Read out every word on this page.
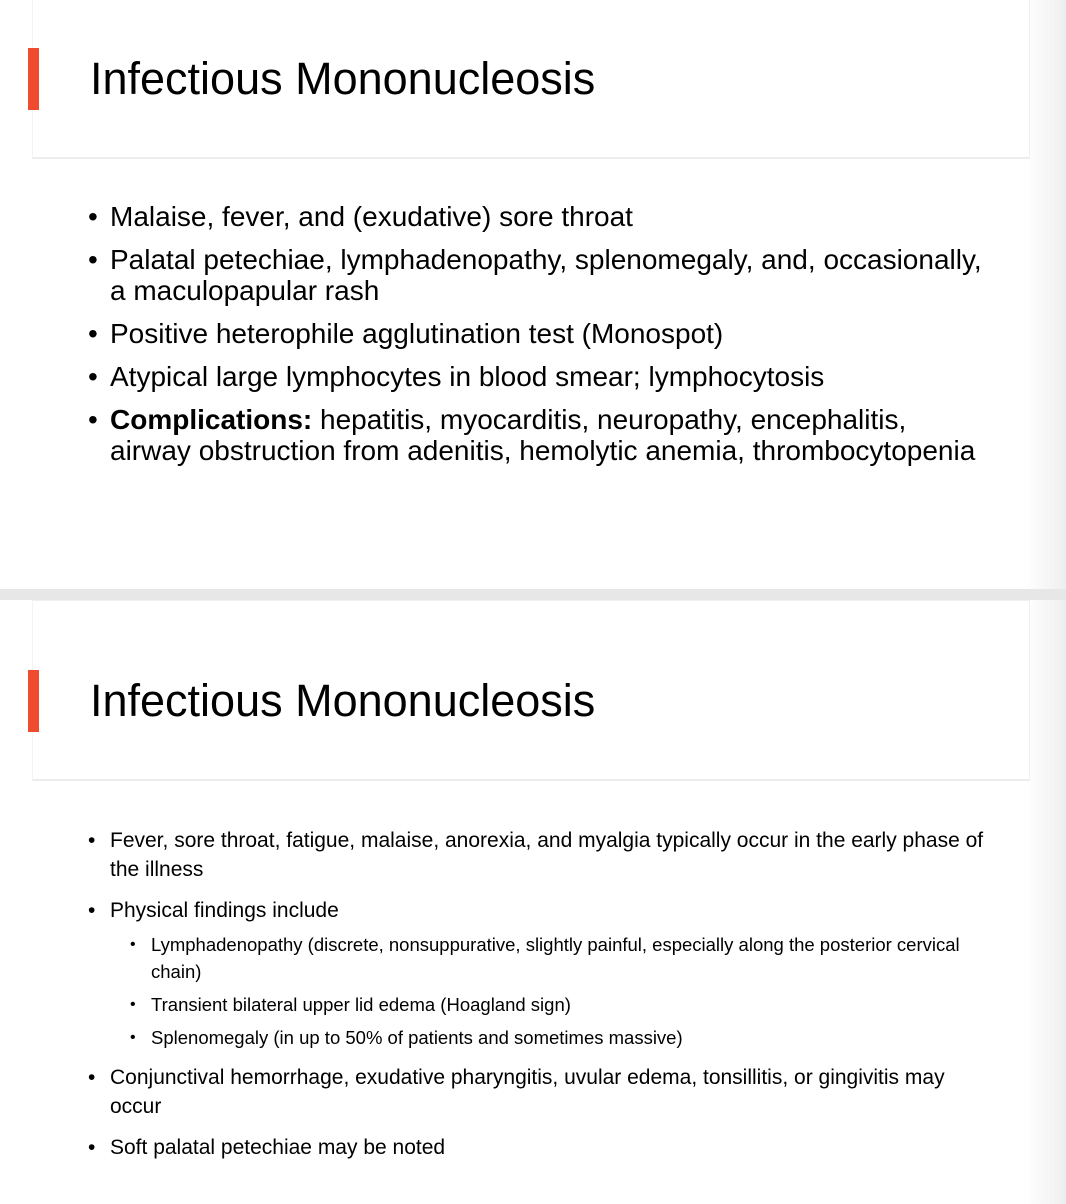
Infectious Mononucleosis
• Malaise, fever, and (exudative) sore throat
• Palatal petechiae, lymphadenopathy, splenomegaly, and, occasionally, a maculopapular rash
• Positive heterophile agglutination test (Monospot)
• Atypical large lymphocytes in blood smear; lymphocytosis
• Complications: hepatitis, myocarditis, neuropathy, encephalitis, airway obstruction from adenitis, hemolytic anemia, thrombocytopenia
Infectious Mononucleosis
• Fever, sore throat, fatigue, malaise, anorexia, and myalgia typically occur in the early phase of the illness
• Physical findings include
• Lymphadenopathy (discrete, nonsuppurative, slightly painful, especially along the posterior cervical chain)
• Transient bilateral upper lid edema (Hoagland sign)
• Splenomegaly (in up to 50% of patients and sometimes massive)
• Conjunctival hemorrhage, exudative pharyngitis, uvular edema, tonsillitis, or gingivitis may occur
• Soft palatal petechiae may be noted
